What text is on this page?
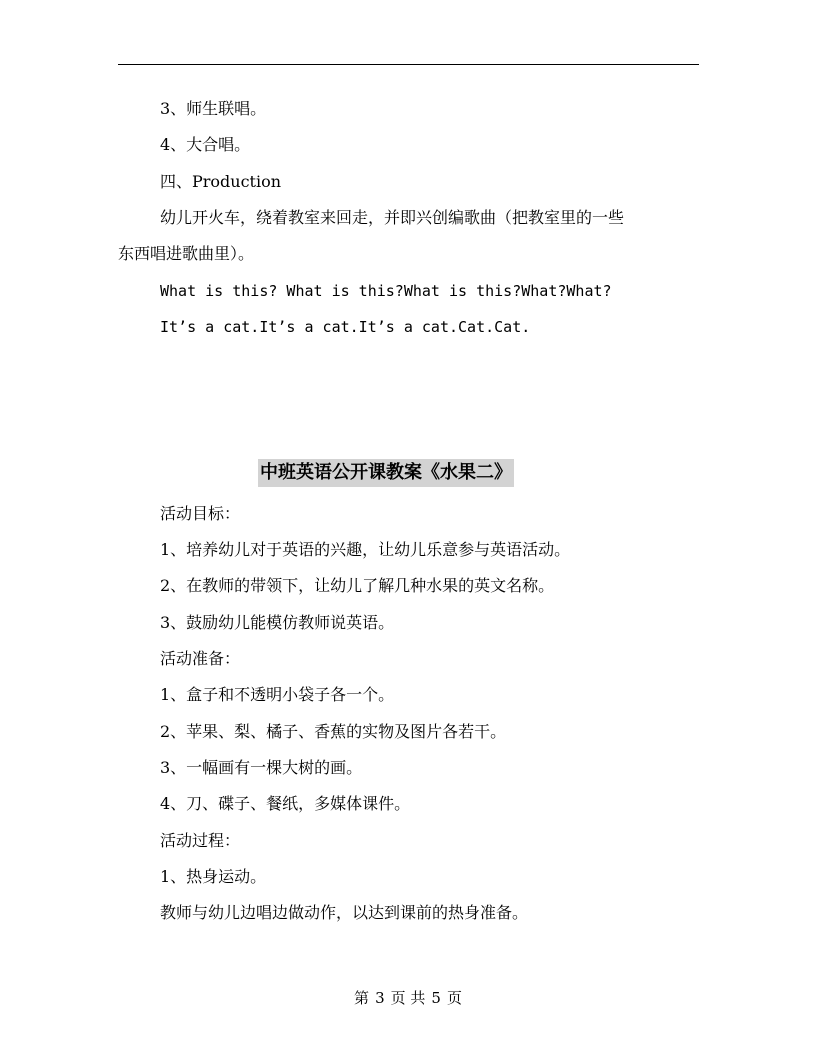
3、师生联唱。
4、大合唱。
四、Production
幼儿开火车，绕着教室来回走，并即兴创编歌曲（把教室里的一些
东西唱进歌曲里）。
What is this? What is this?What is this?What?What?
It’s a cat.It’s a cat.It’s a cat.Cat.Cat.
中班英语公开课教案《水果二》
活动目标：
1、培养幼儿对于英语的兴趣，让幼儿乐意参与英语活动。
2、在教师的带领下，让幼儿了解几种水果的英文名称。
3、鼓励幼儿能模仿教师说英语。
活动准备：
1、盒子和不透明小袋子各一个。
2、苹果、梨、橘子、香蕉的实物及图片各若干。
3、一幅画有一棵大树的画。
4、刀、碟子、餐纸，多媒体课件。
活动过程：
1、热身运动。
教师与幼儿边唱边做动作，以达到课前的热身准备。
第 3 页 共 5 页
